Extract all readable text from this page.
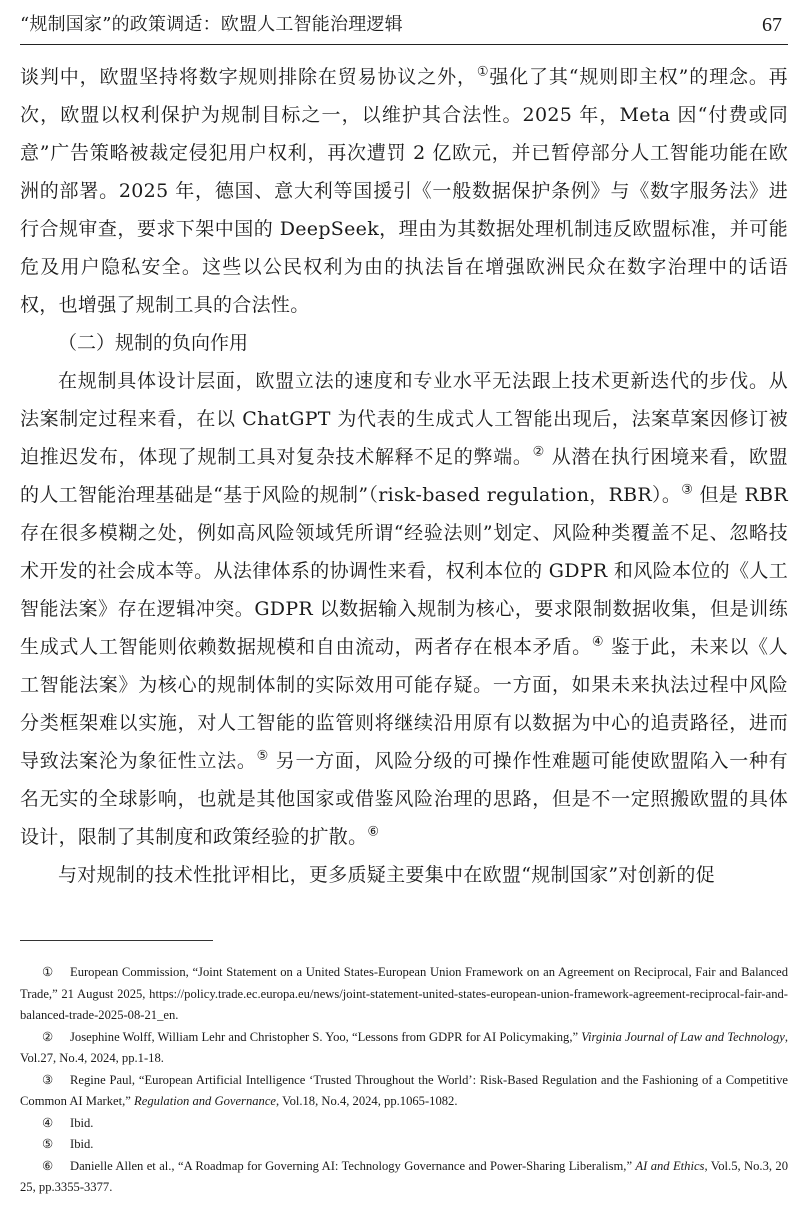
“规制国家”的政策调适：欧盟人工智能治理逻辑	67

谈判中，欧盟坚持将数字规则排除在贸易协议之外，①强化了其“规则即主权”的理念。再次，欧盟以权利保护为规制目标之一，以维护其合法性。2025 年，Meta 因“付费或同意”广告策略被裁定侵犯用户权利，再次遭罚 2 亿欧元，并已暂停部分人工智能功能在欧洲的部署。2025 年，德国、意大利等国援引《一般数据保护条例》与《数字服务法》进行合规审查，要求下架中国的 DeepSeek，理由为其数据处理机制违反欧盟标准，并可能危及用户隐私安全。这些以公民权利为由的执法旨在增强欧洲民众在数字治理中的话语权，也增强了规制工具的合法性。

（二）规制的负向作用

在规制具体设计层面，欧盟立法的速度和专业水平无法跟上技术更新迭代的步伐。从法案制定过程来看，在以 ChatGPT 为代表的生成式人工智能出现后，法案草案因修订被迫推迟发布，体现了规制工具对复杂技术解释不足的弊端。② 从潜在执行困境来看，欧盟的人工智能治理基础是“基于风险的规制”（risk-based regulation，RBR）。③ 但是 RBR 存在很多模糊之处，例如高风险领域凭所谓“经验法则”划定、风险种类覆盖不足、忽略技术开发的社会成本等。从法律体系的协调性来看，权利本位的 GDPR 和风险本位的《人工智能法案》存在逻辑冲突。GDPR 以数据输入规制为核心，要求限制数据收集，但是训练生成式人工智能则依赖数据规模和自由流动，两者存在根本矛盾。④ 鉴于此，未来以《人工智能法案》为核心的规制体制的实际效用可能存疑。一方面，如果未来执法过程中风险分类框架难以实施，对人工智能的监管则将继续沿用原有以数据为中心的追责路径，进而导致法案沦为象征性立法。⑤ 另一方面，风险分级的可操作性难题可能使欧盟陷入一种有名无实的全球影响，也就是其他国家或借鉴风险治理的思路，但是不一定照搬欧盟的具体设计，限制了其制度和政策经验的扩散。⑥

与对规制的技术性批评相比，更多质疑主要集中在欧盟“规制国家”对创新的促

① European Commission, “Joint Statement on a United States-European Union Framework on an Agreement on Reciprocal, Fair and Balanced Trade,” 21 August 2025, https://policy.trade.ec.europa.eu/news/joint-statement-united-states-european-union-framework-agreement-reciprocal-fair-and-balanced-trade-2025-08-21_en.

② Josephine Wolff, William Lehr and Christopher S. Yoo, “Lessons from GDPR for AI Policymaking,” Virginia Journal of Law and Technology, Vol.27, No.4, 2024, pp.1-18.

③ Regine Paul, “European Artificial Intelligence ‘Trusted Throughout the World’: Risk-Based Regulation and the Fashioning of a Competitive Common AI Market,” Regulation and Governance, Vol.18, No.4, 2024, pp.1065-1082.

④ Ibid.

⑤ Ibid.

⑥ Danielle Allen et al., “A Roadmap for Governing AI: Technology Governance and Power-Sharing Liberalism,” AI and Ethics, Vol.5, No.3, 2025, pp.3355-3377.
